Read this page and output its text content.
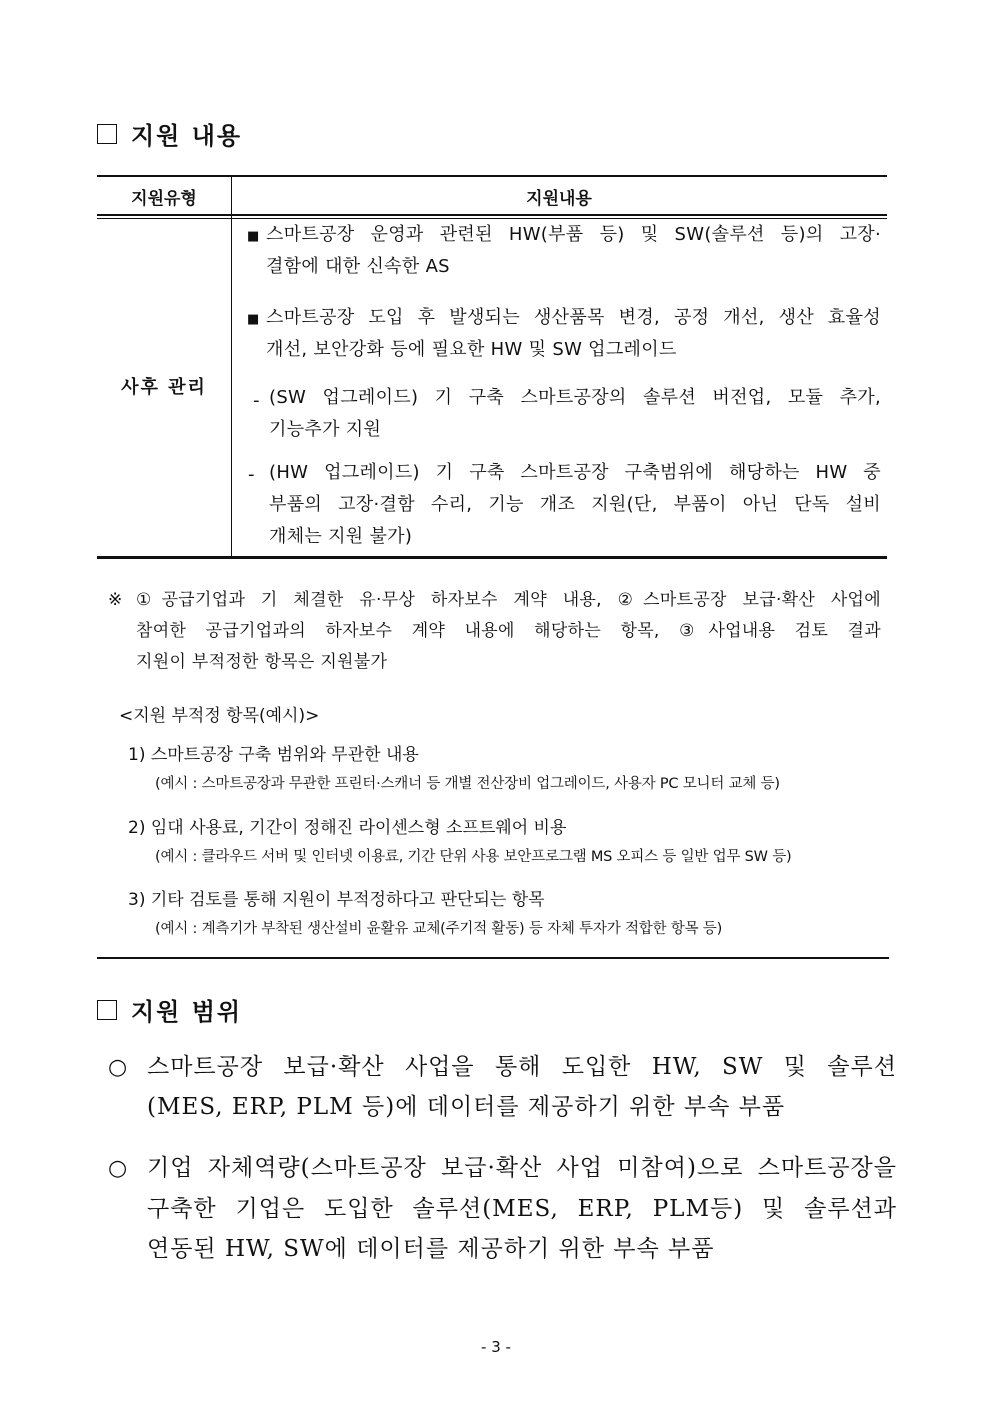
지원 내용
지원유형	지원내용
사후 관리
■ 스마트공장 운영과 관련된 HW(부품 등) 및 SW(솔루션 등)의 고장·
결함에 대한 신속한 AS
■ 스마트공장 도입 후 발생되는 생산품목 변경, 공정 개선, 생산 효율성
개선, 보안강화 등에 필요한 HW 및 SW 업그레이드
- (SW 업그레이드) 기 구축 스마트공장의 솔루션 버전업, 모듈 추가,
기능추가 지원
- (HW 업그레이드) 기 구축 스마트공장 구축범위에 해당하는 HW 중
부품의 고장·결함 수리, 기능 개조 지원(단, 부품이 아닌 단독 설비
개체는 지원 불가)
※ ①공급기업과 기 체결한 유·무상 하자보수 계약 내용, ②스마트공장 보급·확산 사업에
참여한 공급기업과의 하자보수 계약 내용에 해당하는 항목, ③사업내용 검토 결과
지원이 부적정한 항목은 지원불가
<지원 부적정 항목(예시)>
1) 스마트공장 구축 범위와 무관한 내용
(예시 : 스마트공장과 무관한 프린터·스캐너 등 개별 전산장비 업그레이드, 사용자 PC 모니터 교체 등)
2) 임대 사용료, 기간이 정해진 라이센스형 소프트웨어 비용
(예시 : 클라우드 서버 및 인터넷 이용료, 기간 단위 사용 보안프로그램 MS 오피스 등 일반 업무 SW 등)
3) 기타 검토를 통해 지원이 부적정하다고 판단되는 항목
(예시 : 계측기가 부착된 생산설비 윤활유 교체(주기적 활동) 등 자체 투자가 적합한 항목 등)
지원 범위
○ 스마트공장 보급·확산 사업을 통해 도입한 HW, SW 및 솔루션
(MES, ERP, PLM 등)에 데이터를 제공하기 위한 부속 부품
○ 기업 자체역량(스마트공장 보급·확산 사업 미참여)으로 스마트공장을
구축한 기업은 도입한 솔루션(MES, ERP, PLM등) 및 솔루션과
연동된 HW, SW에 데이터를 제공하기 위한 부속 부품
- 3 -
